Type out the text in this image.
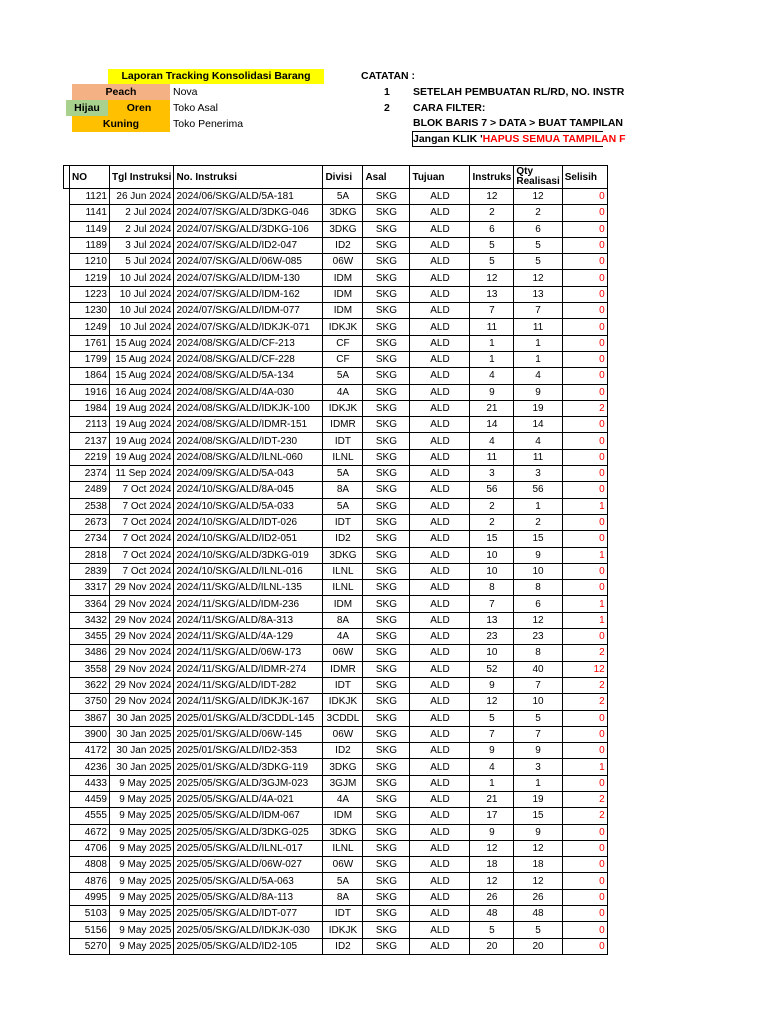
Laporan Tracking Konsolidasi Barang
Peach	Nova
Hijau	Oren	Toko Asal
Kuning	Toko Penerima
CATATAN :
1 SETELAH PEMBUATAN RL/RD, NO. INSTR
2 CARA FILTER:
BLOK BARIS 7 > DATA > BUAT TAMPILAN
Jangan KLIK 'HAPUS SEMUA TAMPILAN F
	NO	Tgl Instruksi	No. Instruksi	Divisi	Asal	Tujuan	Instruks	Qty
Realisasi	Selisih
	1121	26 Jun 2024	2024/06/SKG/ALD/5A-181	5A	SKG	ALD	12	12	0
	1141	2 Jul 2024	2024/07/SKG/ALD/3DKG-046	3DKG	SKG	ALD	2	2	0
	1149	2 Jul 2024	2024/07/SKG/ALD/3DKG-106	3DKG	SKG	ALD	6	6	0
	1189	3 Jul 2024	2024/07/SKG/ALD/ID2-047	ID2	SKG	ALD	5	5	0
	1210	5 Jul 2024	2024/07/SKG/ALD/06W-085	06W	SKG	ALD	5	5	0
	1219	10 Jul 2024	2024/07/SKG/ALD/IDM-130	IDM	SKG	ALD	12	12	0
	1223	10 Jul 2024	2024/07/SKG/ALD/IDM-162	IDM	SKG	ALD	13	13	0
	1230	10 Jul 2024	2024/07/SKG/ALD/IDM-077	IDM	SKG	ALD	7	7	0
	1249	10 Jul 2024	2024/07/SKG/ALD/IDKJK-071	IDKJK	SKG	ALD	11	11	0
	1761	15 Aug 2024	2024/08/SKG/ALD/CF-213	CF	SKG	ALD	1	1	0
	1799	15 Aug 2024	2024/08/SKG/ALD/CF-228	CF	SKG	ALD	1	1	0
	1864	15 Aug 2024	2024/08/SKG/ALD/5A-134	5A	SKG	ALD	4	4	0
	1916	16 Aug 2024	2024/08/SKG/ALD/4A-030	4A	SKG	ALD	9	9	0
	1984	19 Aug 2024	2024/08/SKG/ALD/IDKJK-100	IDKJK	SKG	ALD	21	19	2
	2113	19 Aug 2024	2024/08/SKG/ALD/IDMR-151	IDMR	SKG	ALD	14	14	0
	2137	19 Aug 2024	2024/08/SKG/ALD/IDT-230	IDT	SKG	ALD	4	4	0
	2219	19 Aug 2024	2024/08/SKG/ALD/ILNL-060	ILNL	SKG	ALD	11	11	0
	2374	11 Sep 2024	2024/09/SKG/ALD/5A-043	5A	SKG	ALD	3	3	0
	2489	7 Oct 2024	2024/10/SKG/ALD/8A-045	8A	SKG	ALD	56	56	0
	2538	7 Oct 2024	2024/10/SKG/ALD/5A-033	5A	SKG	ALD	2	1	1
	2673	7 Oct 2024	2024/10/SKG/ALD/IDT-026	IDT	SKG	ALD	2	2	0
	2734	7 Oct 2024	2024/10/SKG/ALD/ID2-051	ID2	SKG	ALD	15	15	0
	2818	7 Oct 2024	2024/10/SKG/ALD/3DKG-019	3DKG	SKG	ALD	10	9	1
	2839	7 Oct 2024	2024/10/SKG/ALD/ILNL-016	ILNL	SKG	ALD	10	10	0
	3317	29 Nov 2024	2024/11/SKG/ALD/ILNL-135	ILNL	SKG	ALD	8	8	0
	3364	29 Nov 2024	2024/11/SKG/ALD/IDM-236	IDM	SKG	ALD	7	6	1
	3432	29 Nov 2024	2024/11/SKG/ALD/8A-313	8A	SKG	ALD	13	12	1
	3455	29 Nov 2024	2024/11/SKG/ALD/4A-129	4A	SKG	ALD	23	23	0
	3486	29 Nov 2024	2024/11/SKG/ALD/06W-173	06W	SKG	ALD	10	8	2
	3558	29 Nov 2024	2024/11/SKG/ALD/IDMR-274	IDMR	SKG	ALD	52	40	12
	3622	29 Nov 2024	2024/11/SKG/ALD/IDT-282	IDT	SKG	ALD	9	7	2
	3750	29 Nov 2024	2024/11/SKG/ALD/IDKJK-167	IDKJK	SKG	ALD	12	10	2
	3867	30 Jan 2025	2025/01/SKG/ALD/3CDDL-145	3CDDL	SKG	ALD	5	5	0
	3900	30 Jan 2025	2025/01/SKG/ALD/06W-145	06W	SKG	ALD	7	7	0
	4172	30 Jan 2025	2025/01/SKG/ALD/ID2-353	ID2	SKG	ALD	9	9	0
	4236	30 Jan 2025	2025/01/SKG/ALD/3DKG-119	3DKG	SKG	ALD	4	3	1
	4433	9 May 2025	2025/05/SKG/ALD/3GJM-023	3GJM	SKG	ALD	1	1	0
	4459	9 May 2025	2025/05/SKG/ALD/4A-021	4A	SKG	ALD	21	19	2
	4555	9 May 2025	2025/05/SKG/ALD/IDM-067	IDM	SKG	ALD	17	15	2
	4672	9 May 2025	2025/05/SKG/ALD/3DKG-025	3DKG	SKG	ALD	9	9	0
	4706	9 May 2025	2025/05/SKG/ALD/ILNL-017	ILNL	SKG	ALD	12	12	0
	4808	9 May 2025	2025/05/SKG/ALD/06W-027	06W	SKG	ALD	18	18	0
	4876	9 May 2025	2025/05/SKG/ALD/5A-063	5A	SKG	ALD	12	12	0
	4995	9 May 2025	2025/05/SKG/ALD/8A-113	8A	SKG	ALD	26	26	0
	5103	9 May 2025	2025/05/SKG/ALD/IDT-077	IDT	SKG	ALD	48	48	0
	5156	9 May 2025	2025/05/SKG/ALD/IDKJK-030	IDKJK	SKG	ALD	5	5	0
	5270	9 May 2025	2025/05/SKG/ALD/ID2-105	ID2	SKG	ALD	20	20	0
